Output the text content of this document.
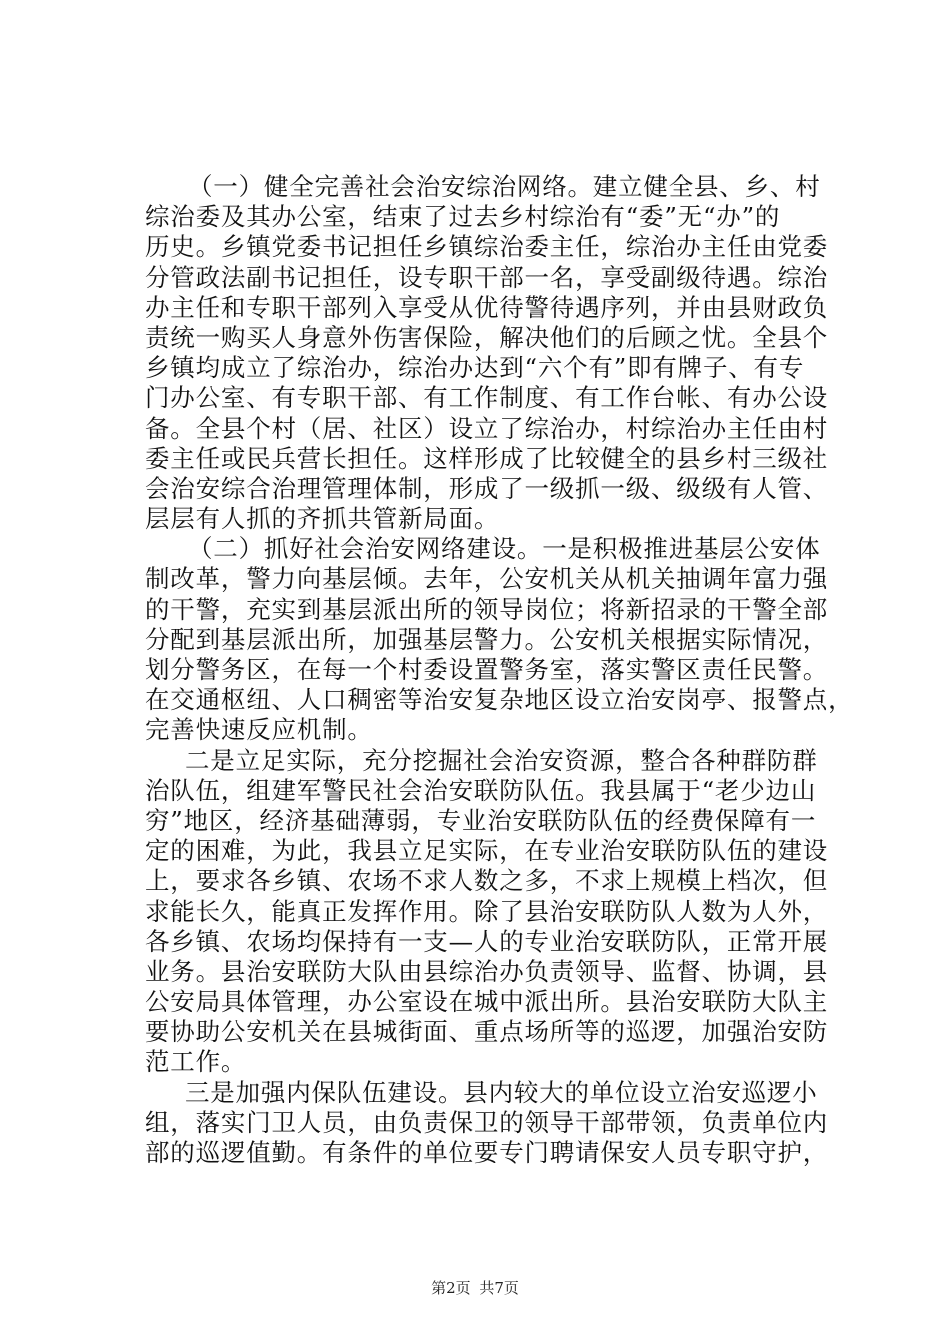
（一）健全完善社会治安综治网络。建立健全县、乡、村
综治委及其办公室，结束了过去乡村综治有“委”无“办”的
历史。乡镇党委书记担任乡镇综治委主任，综治办主任由党委
分管政法副书记担任，设专职干部一名，享受副级待遇。综治
办主任和专职干部列入享受从优待警待遇序列，并由县财政负
责统一购买人身意外伤害保险，解决他们的后顾之忧。全县个
乡镇均成立了综治办，综治办达到“六个有”即有牌子、有专
门办公室、有专职干部、有工作制度、有工作台帐、有办公设
备。全县个村（居、社区）设立了综治办，村综治办主任由村
委主任或民兵营长担任。这样形成了比较健全的县乡村三级社
会治安综合治理管理体制，形成了一级抓一级、级级有人管、
层层有人抓的齐抓共管新局面。
（二）抓好社会治安网络建设。一是积极推进基层公安体
制改革，警力向基层倾。去年，公安机关从机关抽调年富力强
的干警，充实到基层派出所的领导岗位；将新招录的干警全部
分配到基层派出所，加强基层警力。公安机关根据实际情况，
划分警务区，在每一个村委设置警务室，落实警区责任民警。
在交通枢纽、人口稠密等治安复杂地区设立治安岗亭、报警点，
完善快速反应机制。
二是立足实际，充分挖掘社会治安资源，整合各种群防群
治队伍，组建军警民社会治安联防队伍。我县属于“老少边山
穷”地区，经济基础薄弱，专业治安联防队伍的经费保障有一
定的困难，为此，我县立足实际，在专业治安联防队伍的建设
上，要求各乡镇、农场不求人数之多，不求上规模上档次，但
求能长久，能真正发挥作用。除了县治安联防队人数为人外，
各乡镇、农场均保持有一支—人的专业治安联防队，正常开展
业务。县治安联防大队由县综治办负责领导、监督、协调，县
公安局具体管理，办公室设在城中派出所。县治安联防大队主
要协助公安机关在县城街面、重点场所等的巡逻，加强治安防
范工作。
三是加强内保队伍建设。县内较大的单位设立治安巡逻小
组，落实门卫人员，由负责保卫的领导干部带领，负责单位内
部的巡逻值勤。有条件的单位要专门聘请保安人员专职守护，
第2页 共7页
